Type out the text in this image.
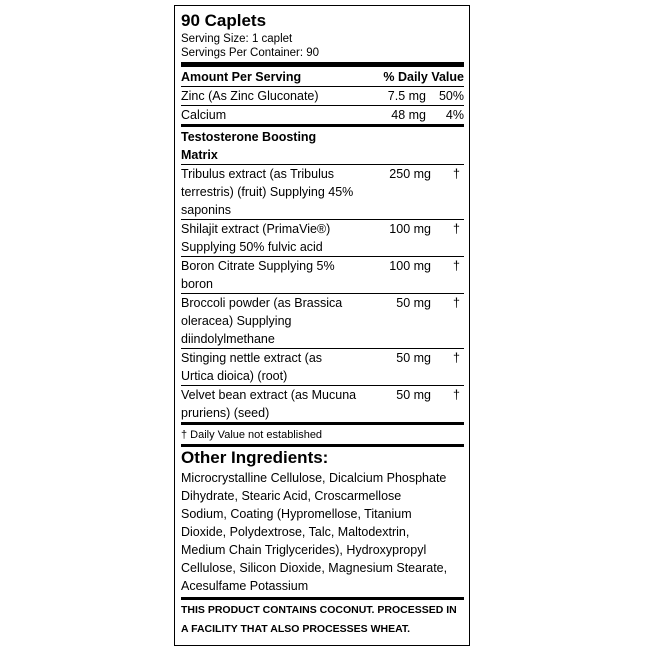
90 Caplets
Serving Size: 1 caplet
Servings Per Container: 90
Amount Per Serving	% Daily Value
Zinc (As Zinc Gluconate)	7.5 mg	50%
Calcium	48 mg	4%
Testosterone Boosting
Matrix
Tribulus extract (as Tribulus
terrestris) (fruit) Supplying 45%
saponins
250 mg	†
Shilajit extract (PrimaVie®)
Supplying 50% fulvic acid
100 mg	†
Boron Citrate Supplying 5%
boron
100 mg	†
Broccoli powder (as Brassica
oleracea) Supplying
diindolylmethane
50 mg	†
Stinging nettle extract (as
Urtica dioica) (root)
50 mg	†
Velvet bean extract (as Mucuna
pruriens) (seed)
50 mg	†
† Daily Value not established
Other Ingredients:
Microcrystalline Cellulose, Dicalcium Phosphate
Dihydrate, Stearic Acid, Croscarmellose
Sodium, Coating (Hypromellose, Titanium
Dioxide, Polydextrose, Talc, Maltodextrin,
Medium Chain Triglycerides), Hydroxypropyl
Cellulose, Silicon Dioxide, Magnesium Stearate,
Acesulfame Potassium
THIS PRODUCT CONTAINS COCONUT. PROCESSED IN
A FACILITY THAT ALSO PROCESSES WHEAT.
